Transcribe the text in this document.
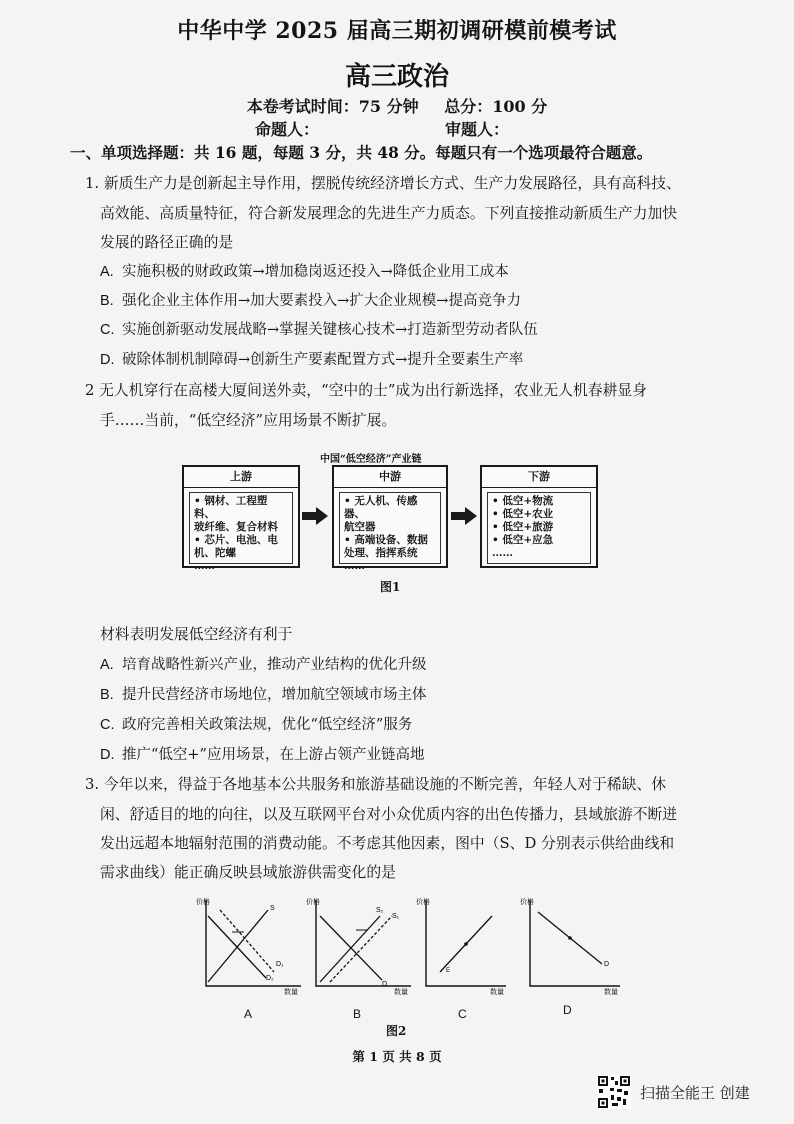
中华中学 2025 届高三期初调研模前模考试
高三政治
本卷考试时间：75 分钟 总分：100 分
命题人：	审题人：
一、单项选择题：共 16 题，每题 3 分，共 48 分。每题只有一个选项最符合题意。
1. 新质生产力是创新起主导作用，摆脱传统经济增长方式、生产力发展路径，具有高科技、
高效能、高质量特征，符合新发展理念的先进生产力质态。下列直接推动新质生产力加快
发展的路径正确的是
A. 实施积极的财政政策→增加稳岗返还投入→降低企业用工成本
B. 强化企业主体作用→加大要素投入→扩大企业规模→提高竞争力
C. 实施创新驱动发展战略→掌握关键核心技术→打造新型劳动者队伍
D. 破除体制机制障碍→创新生产要素配置方式→提升全要素生产率
2 无人机穿行在高楼大厦间送外卖，“空中的士”成为出行新选择，农业无人机春耕显身
手……当前，“低空经济”应用场景不断扩展。
中国“低空经济”产业链
上游
• 钢材、工程塑料、
玻纤维、复合材料
• 芯片、电池、电
机、陀螺
……
中游
• 无人机、传感器、
航空器
• 高端设备、数据
处理、指挥系统
……
下游
• 低空+物流
• 低空+农业
• 低空+旅游
• 低空+应急
……
图1
材料表明发展低空经济有利于
A. 培育战略性新兴产业，推动产业结构的优化升级
B. 提升民营经济市场地位，增加航空领域市场主体
C. 政府完善相关政策法规，优化“低空经济”服务
D. 推广“低空+”应用场景，在上游占领产业链高地
3. 今年以来，得益于各地基本公共服务和旅游基础设施的不断完善，年轻人对于稀缺、休
闲、舒适目的地的向往，以及互联网平台对小众优质内容的出色传播力，县域旅游不断迸
发出远超本地辐射范围的消费动能。不考虑其他因素，图中（S、D 分别表示供给曲线和
需求曲线）能正确反映县域旅游供需变化的是
价格
数量
S
D₁
D₂
价格
数量
S₂
S₁
D
价格
数量
E
价格
数量
D
A	B	C	D
图2
第 1 页 共 8 页
扫描全能王 创建
